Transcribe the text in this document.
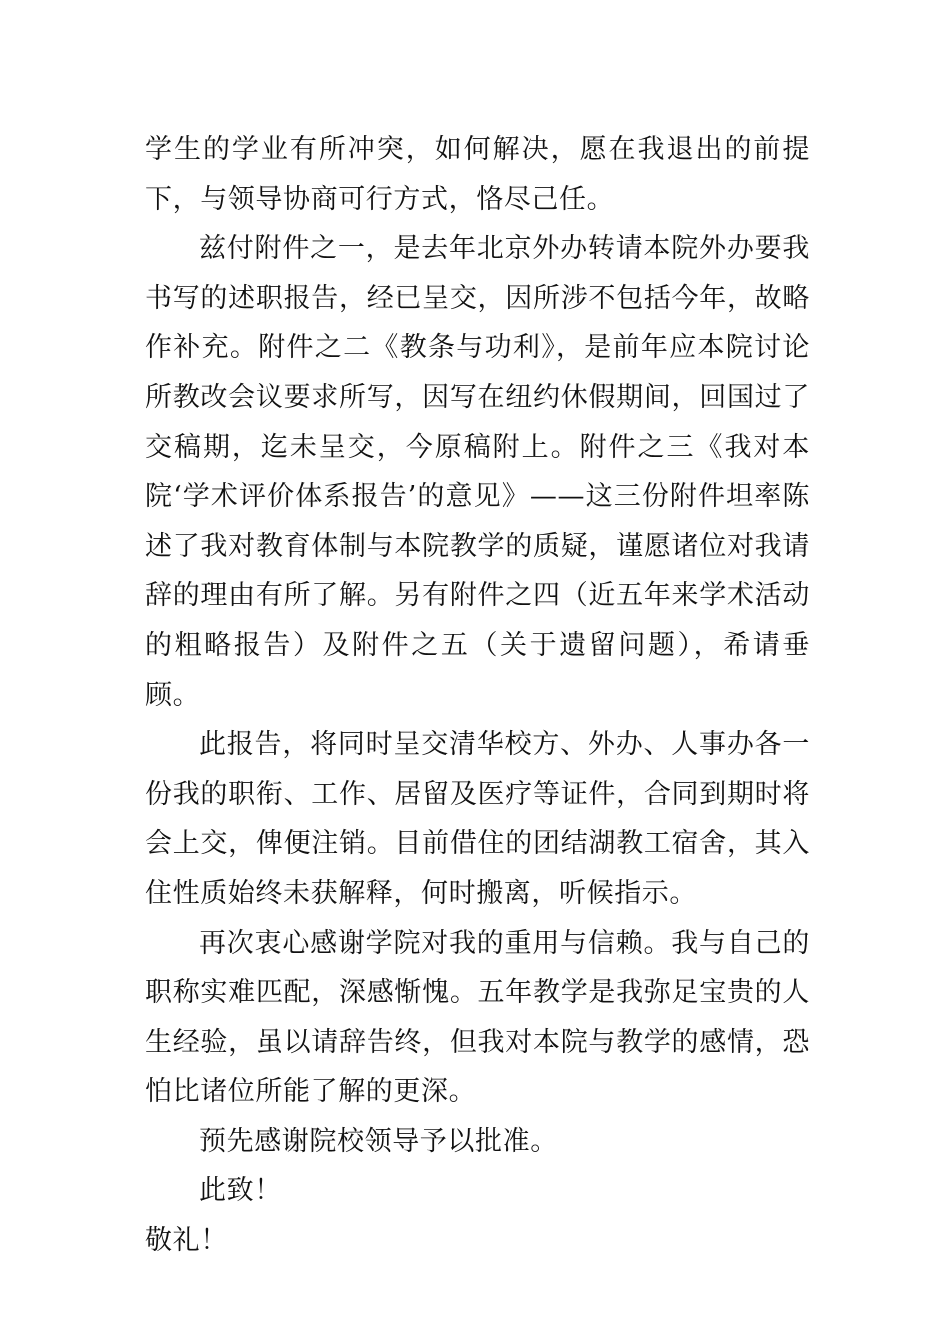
学生的学业有所冲突，如何解决，愿在我退出的前提下，与领导协商可行方式，恪尽己任。

兹付附件之一，是去年北京外办转请本院外办要我书写的述职报告，经已呈交，因所涉不包括今年，故略作补充。附件之二《教条与功利》，是前年应本院讨论所教改会议要求所写，因写在纽约休假期间，回国过了交稿期，迄未呈交，今原稿附上。附件之三《我对本院‘学术评价体系报告’的意见》——这三份附件坦率陈述了我对教育体制与本院教学的质疑，谨愿诸位对我请辞的理由有所了解。另有附件之四（近五年来学术活动的粗略报告）及附件之五（关于遗留问题），希请垂顾。

此报告，将同时呈交清华校方、外办、人事办各一份我的职衔、工作、居留及医疗等证件，合同到期时将会上交，俾便注销。目前借住的团结湖教工宿舍，其入住性质始终未获解释，何时搬离，听候指示。

再次衷心感谢学院对我的重用与信赖。我与自己的职称实难匹配，深感惭愧。五年教学是我弥足宝贵的人生经验，虽以请辞告终，但我对本院与教学的感情，恐怕比诸位所能了解的更深。

预先感谢院校领导予以批准。

此致！

敬礼！
